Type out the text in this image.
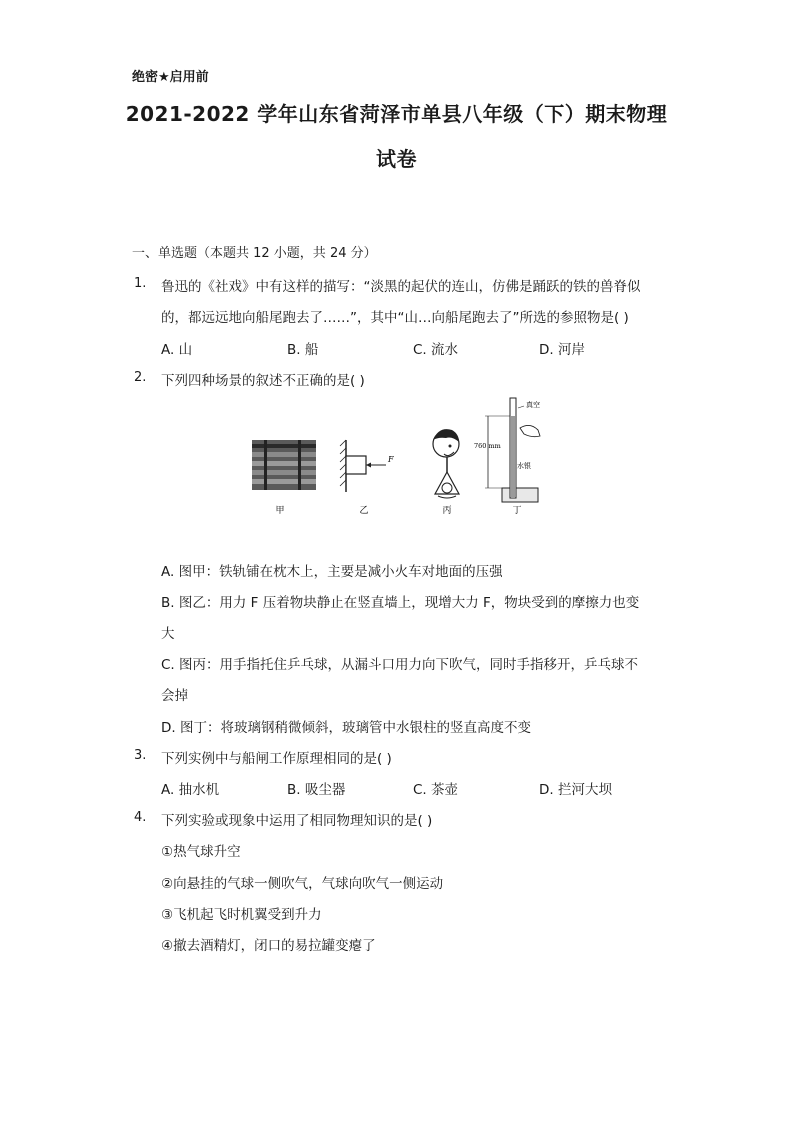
绝密★启用前
2021-2022 学年山东省菏泽市单县八年级（下）期末物理
试卷
一、单选题（本题共 12 小题，共 24 分）
1. 鲁迅的《社戏》中有这样的描写：“淡黑的起伏的连山，仿佛是踊跃的铁的兽脊似
的，都远远地向船尾跑去了……”，其中“山…向船尾跑去了”所选的参照物是( )
A. 山	B. 船	C. 流水	D. 河岸
2. 下列四种场景的叙述不正确的是( )
甲
F
乙	丙
真空
760 mm
水银
丁
A. 图甲：铁轨铺在枕木上，主要是减小火车对地面的压强
B. 图乙：用力 F 压着物块静止在竖直墙上，现增大力 F，物块受到的摩擦力也变
大
C. 图丙：用手指托住乒乓球，从漏斗口用力向下吹气，同时手指移开，乒乓球不
会掉
D. 图丁：将玻璃钢稍微倾斜，玻璃管中水银柱的竖直高度不变
3. 下列实例中与船闸工作原理相同的是( )
A. 抽水机	B. 吸尘器	C. 茶壶	D. 拦河大坝
4. 下列实验或现象中运用了相同物理知识的是( )
①热气球升空
②向悬挂的气球一侧吹气，气球向吹气一侧运动
③飞机起飞时机翼受到升力
④撤去酒精灯，闭口的易拉罐变瘪了
